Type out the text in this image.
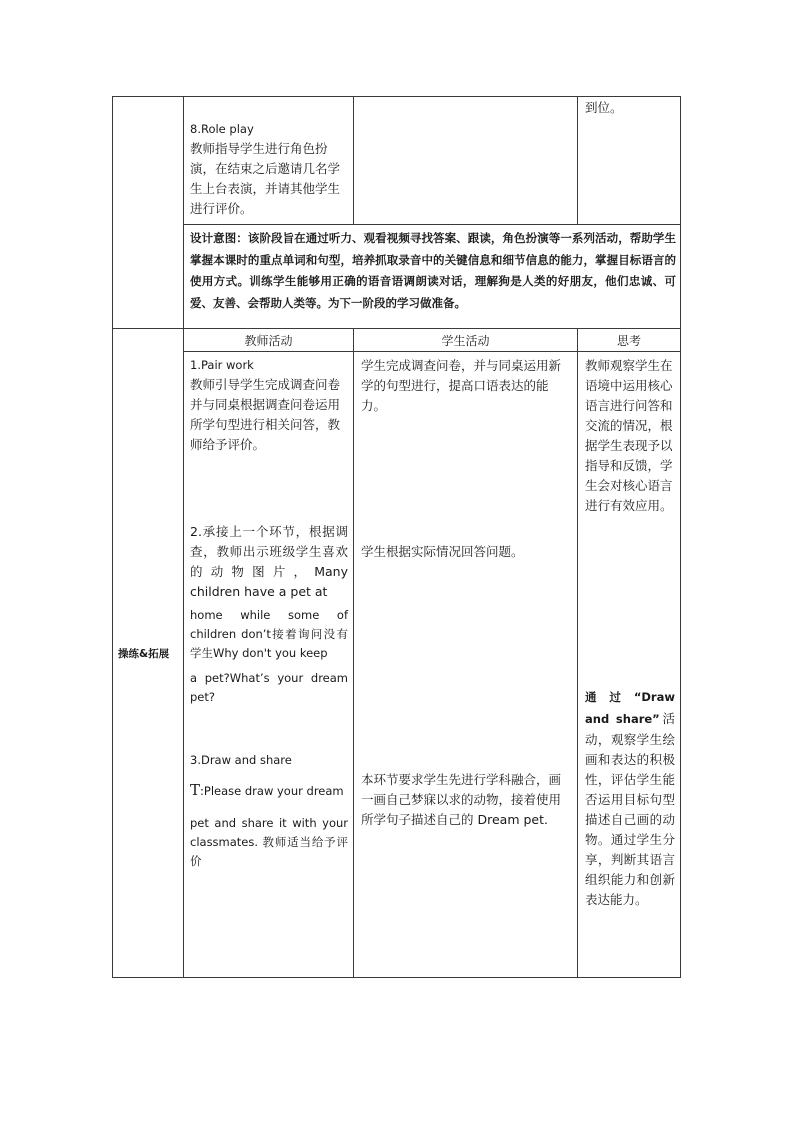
8.Role play

教师指导学生进行角色扮演，在结束之后邀请几名学生上台表演，并请其他学生进行评价。

到位。
设计意图：该阶段旨在通过听力、观看视频寻找答案、跟读，角色扮演等一系列活动，帮助学生掌握本课时的重点单词和句型，培养抓取录音中的关键信息和细节信息的能力，掌握目标语言的使用方式。训练学生能够用正确的语音语调朗读对话，理解狗是人类的好朋友，他们忠诚、可爱、友善、会帮助人类等。为下一阶段的学习做准备。
操练&拓展
教师活动	学生活动	思考

1.Pair work

教师引导学生完成调查问卷并与同桌根据调查问卷运用所学句型进行相关问答，教师给予评价。

学生完成调查问卷，并与同桌运用新学的句型进行，提高口语表达的能力。
教师观察学生在语境中运用核心语言进行问答和交流的情况，根据学生表现予以指导和反馈，学生会对核心语言进行有效应用。
2.承接上一个环节，根据调查，教师出示班级学生喜欢的动物图片，Many children have a pet at
home while some of children don’t接着询问没有学生Why don't you keep
a pet?What’s your dream pet?
学生根据实际情况回答问题。
3.Draw and share
T:Please draw your dream
pet and share it with your classmates. 教师适当给予评价
本环节要求学生先进行学科融合，画一画自己梦寐以求的动物，接着使用所学句子描述自己的 Dream pet.
通过“Draw and share”活动，观察学生绘画和表达的积极性，评估学生能否运用目标句型描述自己画的动物。通过学生分享，判断其语言组织能力和创新表达能力。
